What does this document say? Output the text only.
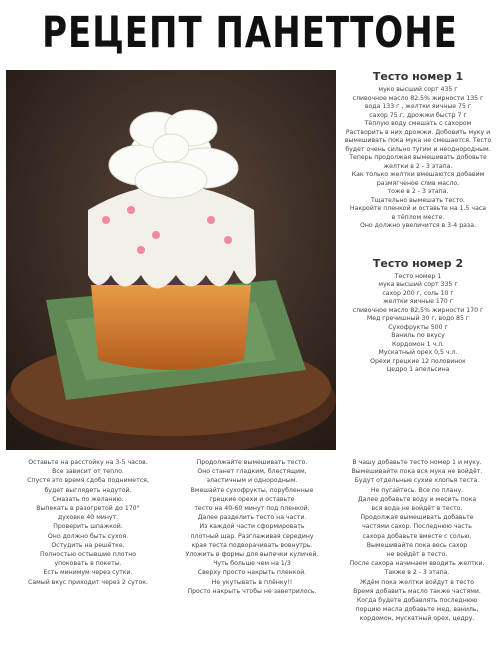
РЕЦЕПТ ПАНЕТТОНЕ
Тесто номер 1
муко высший сорт 435 г
сливочное масло 82,5% жирности 135 г
вода 133 г , желтки яичные 75 г
сахор 75 г, дрожжи быстр 7 г
Тёплую воду смешать с сахором
Растворить в них дрожжи. Добовить муку и
вымешивать пока мука не смешается. Тесто
будет очень сильно тугим и неоднородным.
Теперь продолжая вымешивать добовьте
желтки в 2 - 3 этапа.
Как только желтки вмешаются добавим
размягченое слив масло,
тоже в 2 - 3 этапа.
Тщательно вымешать тесто.
Накройте пленкой и оставьте на 1.5 часа
в тёплом месте.
Оно должно увеличится в 3-4 раза.
Тесто номер 2
Тесто номер 1
мука высший сорт 335 г
сахор 200 г, соль 10 г
желтки яичные 170 г
сливочное масло 82,5% жирности 170 г
Мед гречишный 30 г, водо 85 г
Сухофрукты 500 г
Ваниль по вкусу
Кордомон 1 ч.л.
Мускатный орех 0,5 ч.л.
Орехи грецкие 12 половинок
Цедро 1 апельсина
Оставьте на расстойку на 3-5 часов.
Все зависит от тепло.
Спустя это время сдоба поднимется,
будет выглядеть надутой.
Смазать по желанию.
Выпекать в разогретой до 170°
духовке 40 минут.
Проверить шпажкой.
Оно должно быть сухоя.
Остудить на решётке.
Полностью остывшие плотно
упоковать в покеты.
Есть минимум через сутки.
Самый вкус приходит через 2 суток.
Продолжайте вымешивать тесто.
Оно станет гладким, блестящим,
эластичным и однородным.
Вмешайте сухофрукты, порубленные
грецкие орехи и оставьте
тесто на 40-60 минут под пленкой.
Далее разделить тесто на части.
Из каждой части сформировать
плотный шар. Разглаживая середину
края теста подворачивать вовнутрь.
Уложить в формы для выпечки куличей.
Чуть больше чем на 1/3
Сверху просто накрыть пленкой.
Не укутывать в плёнку!!
Просто накрыть чтобы не заветрилось.
В чашу добавьте тесто номер 1 и муку.
Вымешивайте пока вся мука не войдёт.
Будут отдельные сухие хлопья теста.
Не пугайтесь. Все по плану.
Далее добавьте воду и месить пока
вся вода не войдёт в тесто.
Продолжая вымешивать добавьте
частями сахор. Последнюю часть
сахора добавьте вместе с солью.
Вымешивайте пока весь сахор
не войдёт в тесто.
После сахора начинаем вводить желтки.
Также в 2 - 3 этапа.
Ждём пока желтки войдут в тесто
Время добавить масло также частями.
Когда будете добавлять последнюю
порцию масла добавьте мед, ваниль,
кордомон, мускатный орех, цедру.
